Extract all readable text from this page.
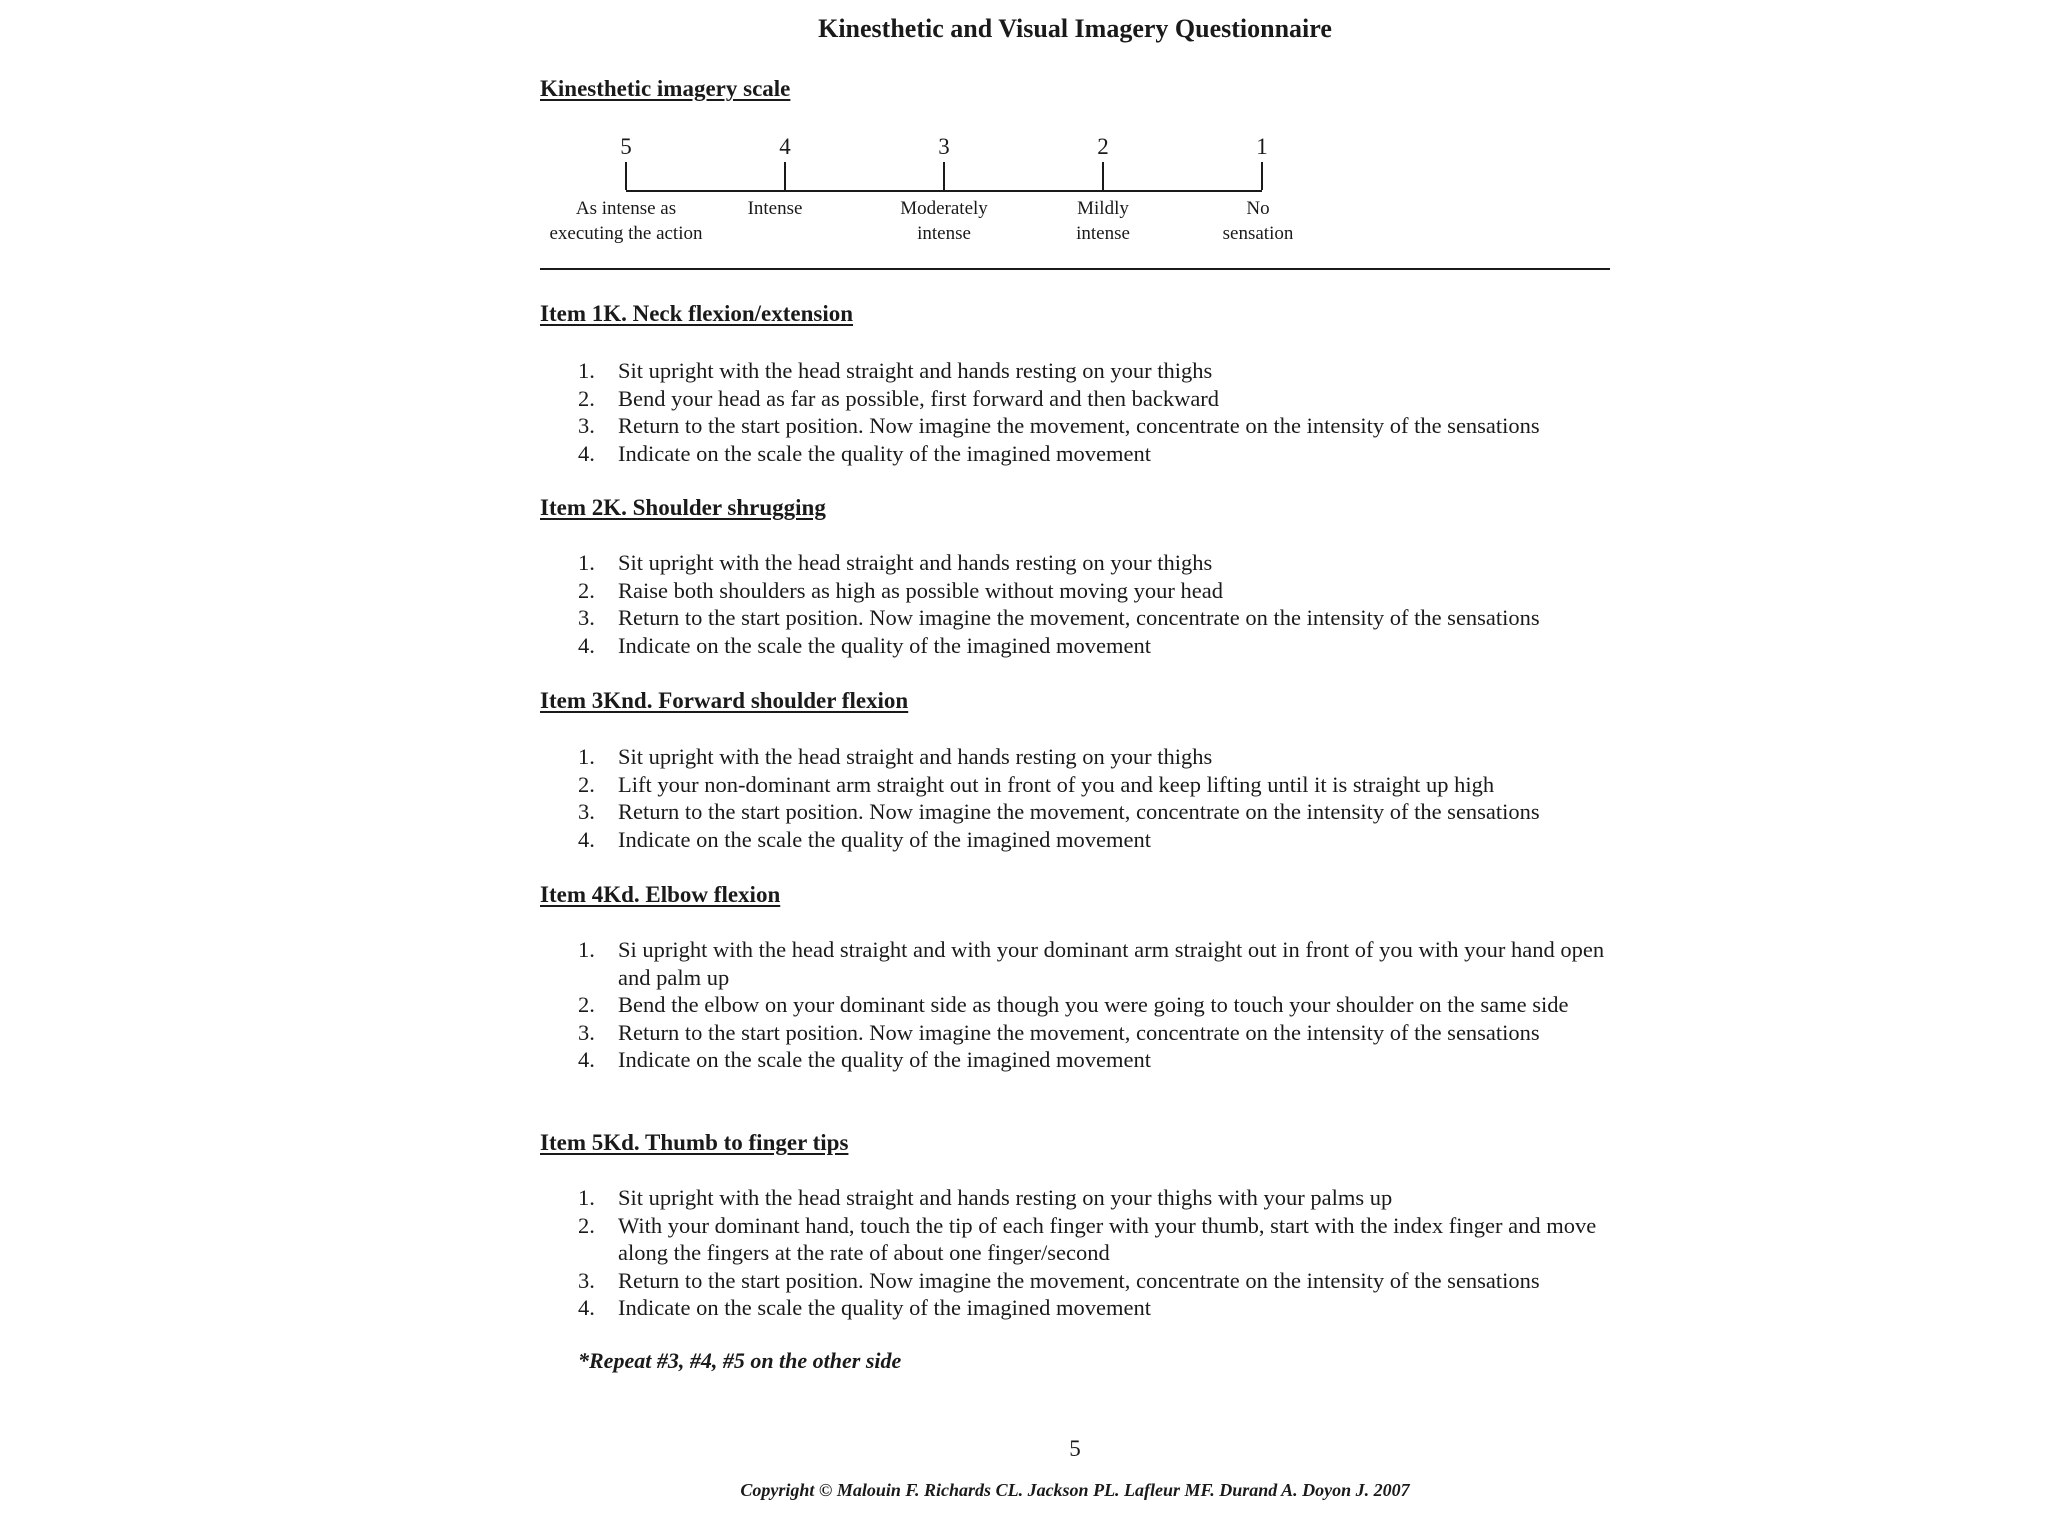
Kinesthetic and Visual Imagery Questionnaire
Kinesthetic imagery scale
5
As intense as
executing the action
4
Intense
3
Moderately
intense
2
Mildly
intense
1
No
sensation
Item 1K. Neck flexion/extension
1. Sit upright with the head straight and hands resting on your thighs
2. Bend your head as far as possible, first forward and then backward
3. Return to the start position. Now imagine the movement, concentrate on the intensity of the sensations
4. Indicate on the scale the quality of the imagined movement
Item 2K. Shoulder shrugging
1. Sit upright with the head straight and hands resting on your thighs
2. Raise both shoulders as high as possible without moving your head
3. Return to the start position. Now imagine the movement, concentrate on the intensity of the sensations
4. Indicate on the scale the quality of the imagined movement
Item 3Knd. Forward shoulder flexion
1. Sit upright with the head straight and hands resting on your thighs
2. Lift your non-dominant arm straight out in front of you and keep lifting until it is straight up high
3. Return to the start position. Now imagine the movement, concentrate on the intensity of the sensations
4. Indicate on the scale the quality of the imagined movement
Item 4Kd. Elbow flexion
1. Si upright with the head straight and with your dominant arm straight out in front of you with your hand open and palm up
2. Bend the elbow on your dominant side as though you were going to touch your shoulder on the same side
3. Return to the start position. Now imagine the movement, concentrate on the intensity of the sensations
4. Indicate on the scale the quality of the imagined movement
Item 5Kd. Thumb to finger tips
1. Sit upright with the head straight and hands resting on your thighs with your palms up
2. With your dominant hand, touch the tip of each finger with your thumb, start with the index finger and move along the fingers at the rate of about one finger/second
3. Return to the start position. Now imagine the movement, concentrate on the intensity of the sensations
4. Indicate on the scale the quality of the imagined movement
*Repeat #3, #4, #5 on the other side
5
Copyright © Malouin F. Richards CL. Jackson PL. Lafleur MF. Durand A. Doyon J. 2007
